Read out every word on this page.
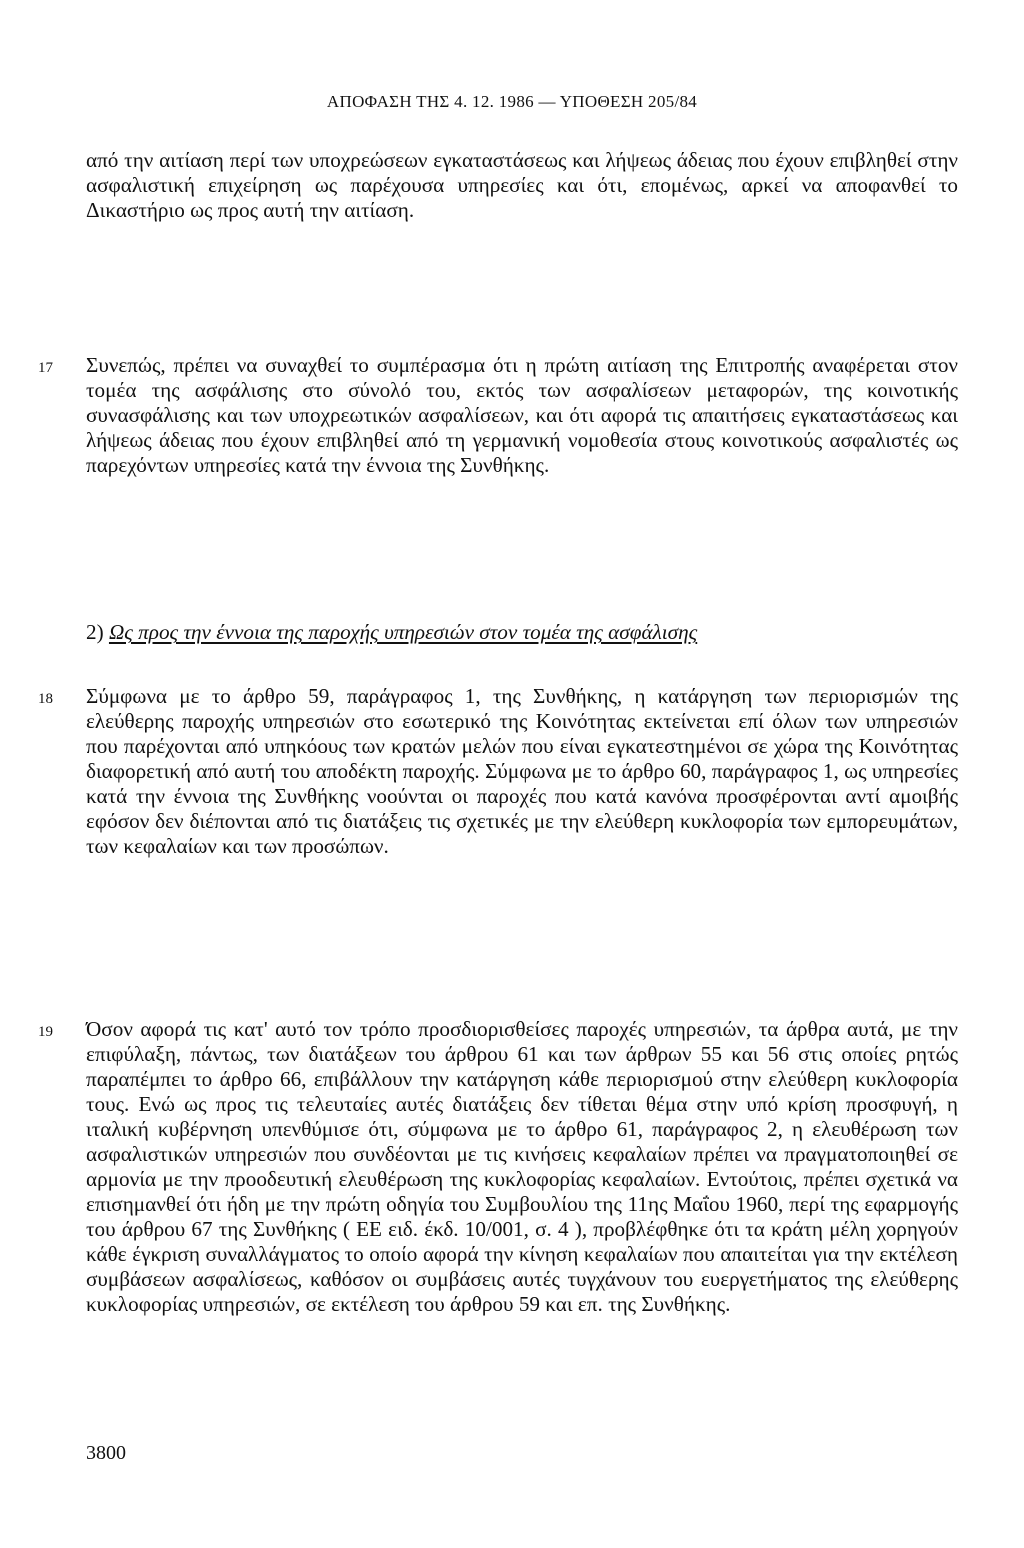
ΑΠΟΦΑΣΗ ΤΗΣ 4. 12. 1986 — ΥΠΟΘΕΣΗ 205/84

από την αιτίαση περί των υποχρεώσεων εγκαταστάσεως και λήψεως άδειας που έχουν επιβληθεί στην ασφαλιστική επιχείρηση ως παρέχουσα υπηρεσίες και ότι, επομένως, αρκεί να αποφανθεί το Δικαστήριο ως προς αυτή την αιτίαση.

17 Συνεπώς, πρέπει να συναχθεί το συμπέρασμα ότι η πρώτη αιτίαση της Επιτροπής αναφέρεται στον τομέα της ασφάλισης στο σύνολό του, εκτός των ασφαλίσεων μεταφορών, της κοινοτικής συνασφάλισης και των υποχρεωτικών ασφαλίσεων, και ότι αφορά τις απαιτήσεις εγκαταστάσεως και λήψεως άδειας που έχουν επιβληθεί από τη γερμανική νομοθεσία στους κοινοτικούς ασφαλιστές ως παρεχόντων υπηρεσίες κατά την έννοια της Συνθήκης.

2) Ως προς την έννοια της παροχής υπηρεσιών στον τομέα της ασφάλισης
18 Σύμφωνα με το άρθρο 59, παράγραφος 1, της Συνθήκης, η κατάργηση των περιορισμών της ελεύθερης παροχής υπηρεσιών στο εσωτερικό της Κοινότητας εκτείνεται επί όλων των υπηρεσιών που παρέχονται από υπηκόους των κρατών μελών που είναι εγκατεστημένοι σε χώρα της Κοινότητας διαφορετική από αυτή του αποδέκτη παροχής. Σύμφωνα με το άρθρο 60, παράγραφος 1, ως υπηρεσίες κατά την έννοια της Συνθήκης νοούνται οι παροχές που κατά κανόνα προσφέρονται αντί αμοιβής εφόσον δεν διέπονται από τις διατάξεις τις σχετικές με την ελεύθερη κυκλοφορία των εμπορευμάτων, των κεφαλαίων και των προσώπων.

19 Όσον αφορά τις κατ' αυτό τον τρόπο προσδιορισθείσες παροχές υπηρεσιών, τα άρθρα αυτά, με την επιφύλαξη, πάντως, των διατάξεων του άρθρου 61 και των άρθρων 55 και 56 στις οποίες ρητώς παραπέμπει το άρθρο 66, επιβάλλουν την κατάργηση κάθε περιορισμού στην ελεύθερη κυκλοφορία τους. Ενώ ως προς τις τελευταίες αυτές διατάξεις δεν τίθεται θέμα στην υπό κρίση προσφυγή, η ιταλική κυβέρνηση υπενθύμισε ότι, σύμφωνα με το άρθρο 61, παράγραφος 2, η ελευθέρωση των ασφαλιστικών υπηρεσιών που συνδέονται με τις κινήσεις κεφαλαίων πρέπει να πραγματοποιηθεί σε αρμονία με την προοδευτική ελευθέρωση της κυκλοφορίας κεφαλαίων. Εντούτοις, πρέπει σχετικά να επισημανθεί ότι ήδη με την πρώτη οδηγία του Συμβουλίου της 11ης Μαΐου 1960, περί της εφαρμογής του άρθρου 67 της Συνθήκης ( ΕΕ ειδ. έκδ. 10/001, σ. 4 ), προβλέφθηκε ότι τα κράτη μέλη χορηγούν κάθε έγκριση συναλλάγματος το οποίο αφορά την κίνηση κεφαλαίων που απαιτείται για την εκτέλεση συμβάσεων ασφαλίσεως, καθόσον οι συμβάσεις αυτές τυγχάνουν του ευεργετήματος της ελεύθερης κυκλοφορίας υπηρεσιών, σε εκτέλεση του άρθρου 59 και επ. της Συνθήκης.

3800
